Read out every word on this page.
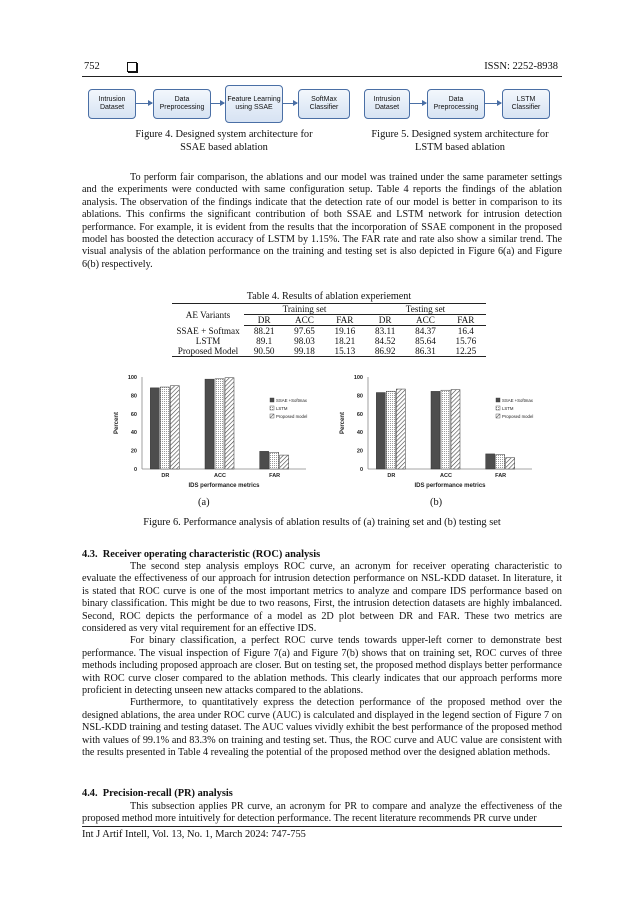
752	ISSN: 2252-8938
Intrusion Dataset
Data Preprocessing
Feature Learning using SSAE
SoftMax Classifier
Intrusion Dataset
Data Preprocessing
LSTM Classifier
Figure 4. Designed system architecture for
SSAE based ablation
Figure 5. Designed system architecture for
LSTM based ablation

To perform fair comparison, the ablations and our model was trained under the same parameter settings and the experiments were conducted with same configuration setup. Table 4 reports the findings of the ablation analysis. The observation of the findings indicate that the detection rate of our model is better in comparison to its ablations. This confirms the significant contribution of both SSAE and LSTM network for intrusion detection performance. For example, it is evident from the results that the incorporation of SSAE component in the proposed model has boosted the detection accuracy of LSTM by 1.15%. The FAR rate and rate also show a similar trend. The visual analysis of the ablation performance on the training and testing set is also depicted in Figure 6(a) and Figure 6(b) respectively.

Table 4. Results of ablation experiement
AE Variants	Training set			Testing set		
	DR	ACC	FAR	DR	ACC	FAR
SSAE + Softmax	88.21	97.65	19.16	83.11	84.37	16.4
LSTM	89.1	98.03	18.21	84.52	85.64	15.76
Proposed Model	90.50	99.18	15.13	86.92	86.31	12.25
0
20
40
60
80
100
Percent
DR	ACC	FAR
IDS performance metrics
SSAE +Softmax
LSTM
Proposed model
0
20
40
60
80
100
Percent
DR	ACC	FAR
IDS performance metrics
SSAE +Softmax
LSTM
Proposed model
(a)	(b)
Figure 6. Performance analysis of ablation results of (a) training set and (b) testing set
4.3.  Receiver operating characteristic (ROC) analysis

The second step analysis employs ROC curve, an acronym for receiver operating characteristic to evaluate the effectiveness of our approach for intrusion detection performance on NSL-KDD dataset. In literature, it is stated that ROC curve is one of the most important metrics to analyze and compare IDS performance based on binary classification. This might be due to two reasons, First, the intrusion detection datasets are highly imbalanced. Second, ROC depicts the performance of a model as 2D plot between DR and FAR. These two metrics are considered as very vital requirement for an effective IDS.

For binary classification, a perfect ROC curve tends towards upper-left corner to demonstrate best performance. The visual inspection of Figure 7(a) and Figure 7(b) shows that on training set, ROC curves of three methods including proposed approach are closer. But on testing set, the proposed method displays better performance with ROC curve closer compared to the ablation methods. This clearly indicates that our approach performs more proficient in detecting unseen new attacks compared to the ablations.

Furthermore, to quantitatively express the detection performance of the proposed method over the designed ablations, the area under ROC curve (AUC) is calculated and displayed in the legend section of Figure 7 on NSL-KDD training and testing dataset. The AUC values vividly exhibit the best performance of the proposed method with values of 99.1% and 83.3% on training and testing set. Thus, the ROC curve and AUC value are consistent with the results presented in Table 4 revealing the potential of the proposed method over the designed ablation methods.

4.4.  Precision-recall (PR) analysis

This subsection applies PR curve, an acronym for PR to compare and analyze the effectiveness of the proposed method more intuitively for detection performance. The recent literature recommends PR curve under

Int J Artif Intell, Vol. 13, No. 1, March 2024: 747-755
